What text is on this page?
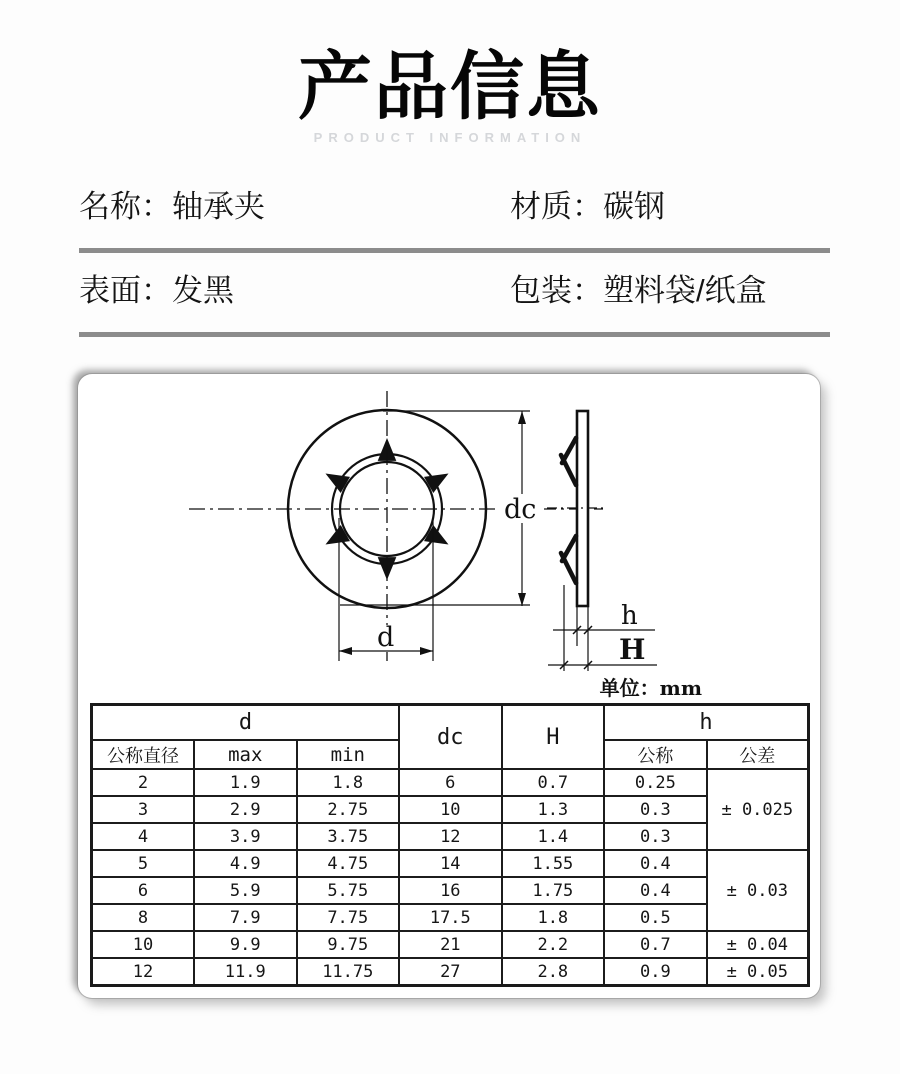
产品信息
PRODUCT INFORMATION
名称：轴承夹	材质：碳钢
表面：发黑	包装：塑料袋/纸盒
dc
d
h
H
单位：mm
d			dc	H	h	
公称直径	max	min			公称	公差
2	1.9	1.8	6	0.7	0.25	± 0.025
3	2.9	2.75	10	1.3	0.3	
4	3.9	3.75	12	1.4	0.3	
5	4.9	4.75	14	1.55	0.4	± 0.03
6	5.9	5.75	16	1.75	0.4	
8	7.9	7.75	17.5	1.8	0.5	
10	9.9	9.75	21	2.2	0.7	± 0.04
12	11.9	11.75	27	2.8	0.9	± 0.05
